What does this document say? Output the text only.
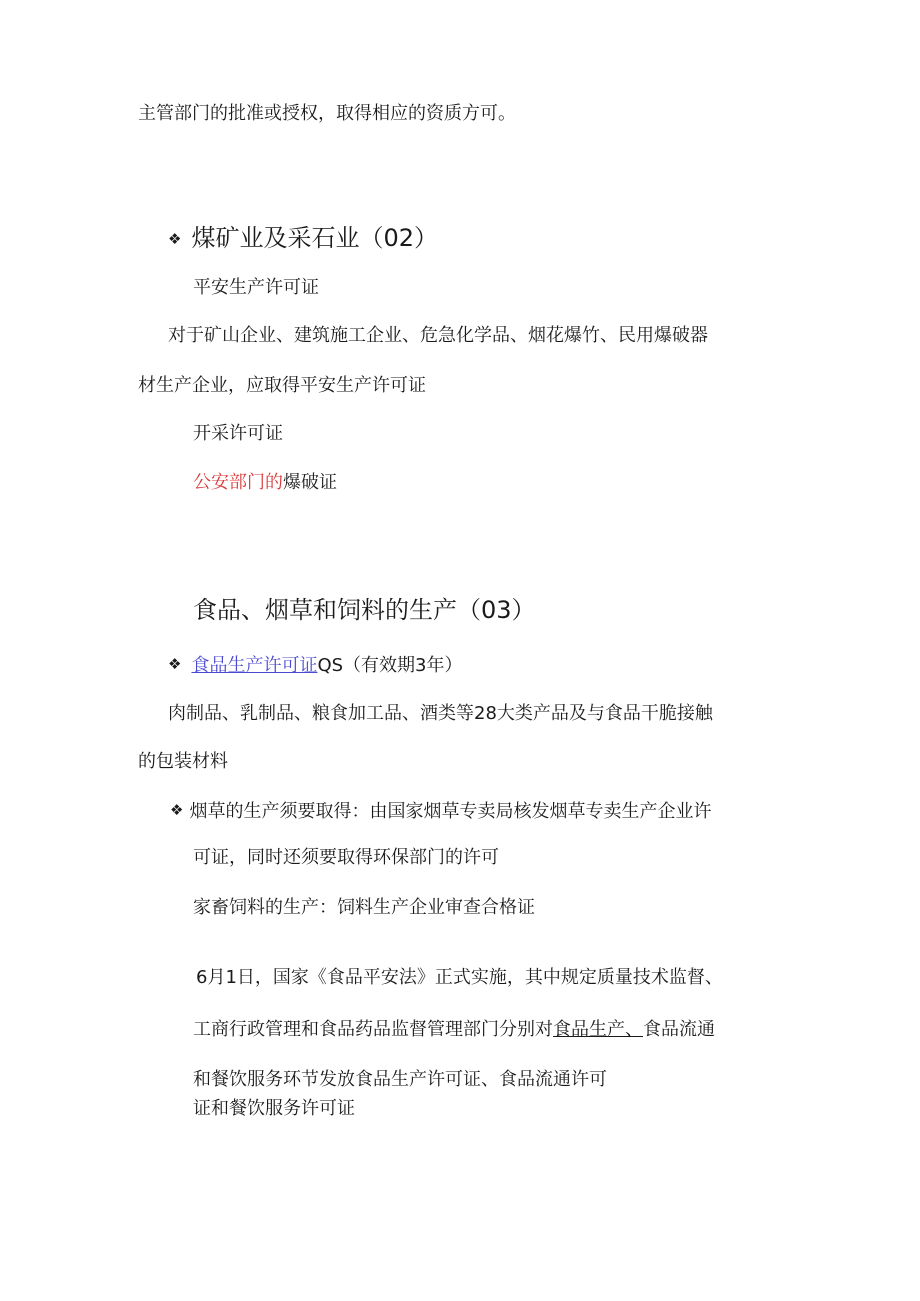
主管部门的批准或授权，取得相应的资质方可。
❖ 煤矿业及采石业（02）
平安生产许可证
对于矿山企业、建筑施工企业、危急化学品、烟花爆竹、民用爆破器
材生产企业，应取得平安生产许可证
开采许可证
公安部门的爆破证
食品、烟草和饲料的生产（03）
❖ 食品生产许可证QS（有效期3年）
肉制品、乳制品、粮食加工品、酒类等28大类产品及与食品干脆接触
的包装材料
❖ 烟草的生产须要取得：由国家烟草专卖局核发烟草专卖生产企业许
可证，同时还须要取得环保部门的许可
家畜饲料的生产：饲料生产企业审查合格证
6月1日，国家《食品平安法》正式实施，其中规定质量技术监督、
工商行政管理和食品药品监督管理部门分别对食品生产、食品流通
和餐饮服务环节发放食品生产许可证、食品流通许可
证和餐饮服务许可证
